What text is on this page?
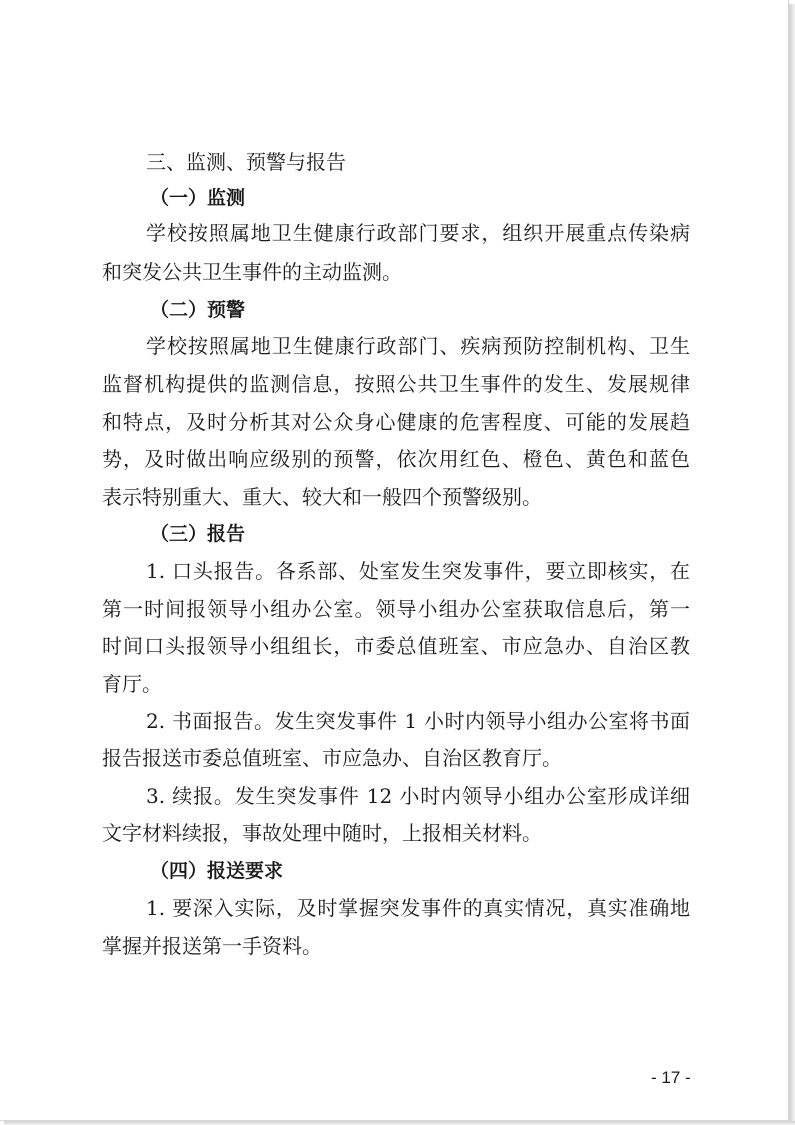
三、监测、预警与报告
（一）监测
学校按照属地卫生健康行政部门要求，组织开展重点传染病
和突发公共卫生事件的主动监测。
（二）预警
学校按照属地卫生健康行政部门、疾病预防控制机构、卫生
监督机构提供的监测信息，按照公共卫生事件的发生、发展规律
和特点，及时分析其对公众身心健康的危害程度、可能的发展趋
势，及时做出响应级别的预警，依次用红色、橙色、黄色和蓝色
表示特别重大、重大、较大和一般四个预警级别。
（三）报告
1. 口头报告。各系部、处室发生突发事件，要立即核实，在
第一时间报领导小组办公室。领导小组办公室获取信息后，第一
时间口头报领导小组组长，市委总值班室、市应急办、自治区教
育厅。
2. 书面报告。发生突发事件 1 小时内领导小组办公室将书面
报告报送市委总值班室、市应急办、自治区教育厅。
3. 续报。发生突发事件 12 小时内领导小组办公室形成详细
文字材料续报，事故处理中随时，上报相关材料。
（四）报送要求
1. 要深入实际，及时掌握突发事件的真实情况，真实准确地
掌握并报送第一手资料。
- 17 -
